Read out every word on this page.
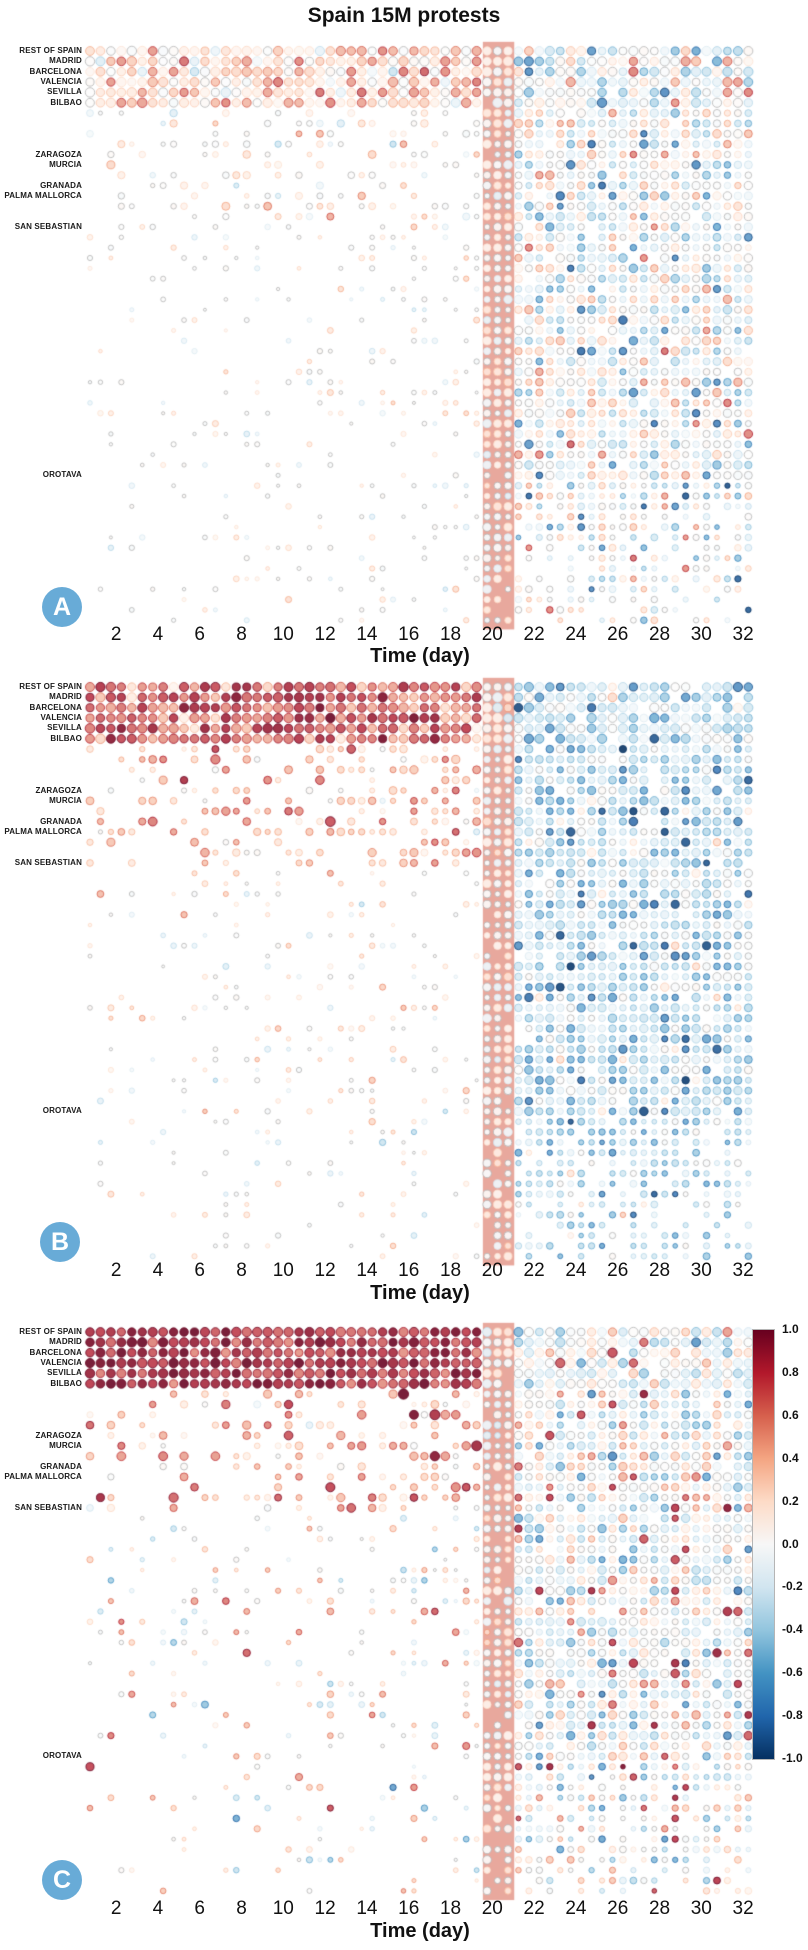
Spain 15M protests
REST OF SPAIN
MADRID
BARCELONA
VALENCIA
SEVILLA
BILBAO
ZARAGOZA
MURCIA
GRANADA
PALMA MALLORCA
SAN SEBASTIAN
OROTAVA
2	4	6	8	10	12	14	16	18	20	22	24	26	28	30	32
Time (day)
A
REST OF SPAIN
MADRID
BARCELONA
VALENCIA
SEVILLA
BILBAO
ZARAGOZA
MURCIA
GRANADA
PALMA MALLORCA
SAN SEBASTIAN
OROTAVA
2	4	6	8	10	12	14	16	18	20	22	24	26	28	30	32
Time (day)
B
REST OF SPAIN
MADRID
BARCELONA
VALENCIA
SEVILLA
BILBAO
ZARAGOZA
MURCIA
GRANADA
PALMA MALLORCA
SAN SEBASTIAN
OROTAVA
2	4	6	8	10	12	14	16	18	20	22	24	26	28	30	32
Time (day)
C
1.0
0.8
0.6
0.4
0.2
0.0
-0.2
-0.4
-0.6
-0.8
-1.0
